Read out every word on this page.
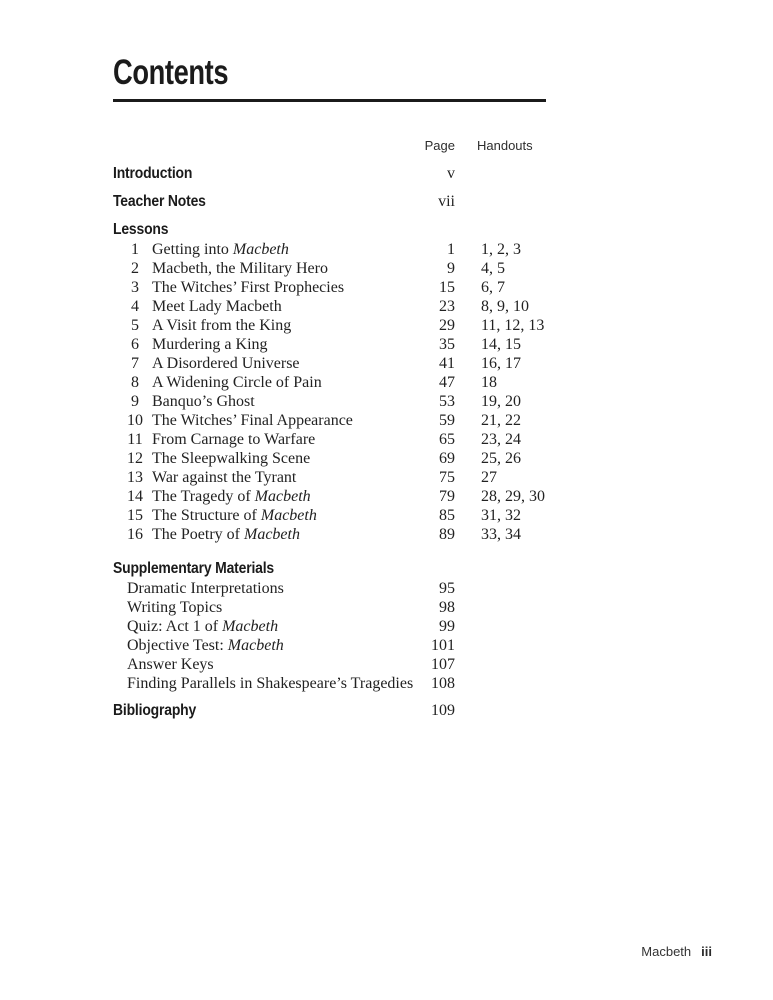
Contents
Page	Handouts
Introduction	v
Teacher Notes	vii
Lessons
1 Getting into Macbeth	1	1, 2, 3
2 Macbeth, the Military Hero	9	4, 5
3 The Witches’ First Prophecies	15	6, 7
4 Meet Lady Macbeth	23	8, 9, 10
5 A Visit from the King	29	11, 12, 13
6 Murdering a King	35	14, 15
7 A Disordered Universe	41	16, 17
8 A Widening Circle of Pain	47	18
9 Banquo’s Ghost	53	19, 20
10 The Witches’ Final Appearance	59	21, 22
11 From Carnage to Warfare	65	23, 24
12 The Sleepwalking Scene	69	25, 26
13 War against the Tyrant	75	27
14 The Tragedy of Macbeth	79	28, 29, 30
15 The Structure of Macbeth	85	31, 32
16 The Poetry of Macbeth	89	33, 34
Supplementary Materials
Dramatic Interpretations	95
Writing Topics	98
Quiz: Act 1 of Macbeth	99
Objective Test: Macbeth	101
Answer Keys	107
Finding Parallels in Shakespeare’s Tragedies	108
Bibliography	109
Macbeth iii
